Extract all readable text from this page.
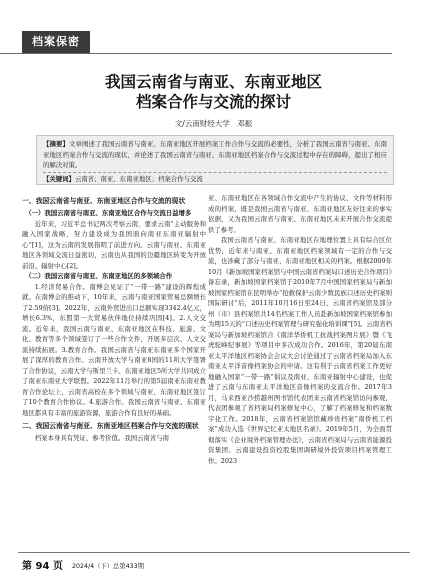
档案保密
我国云南省与南亚、东南亚地区
档案合作与交流的探讨
文/云南财经大学　邓振
【摘要】文章阐述了我国云南省与南亚、东南亚地区开展档案工作合作与交流的必要性，分析了我国云南省与南亚、东南亚地区档案合作与交流的现状，并论述了我国云南省与南亚、东南亚地区档案合作与交流过程中存在的障碍，提出了相应的解决对策。
【关键词】云南省；南亚、东南亚地区；档案合作与交流
一、我国云南省与南亚、东南亚地区合作与交流的现状
（一）我国云南省与南亚、东南亚地区合作与交流日益增多

近年来，习近平总书记两次考察云南，要求云南“主动服务和融入国家战略，努力建设成为我国面向南亚东南亚辐射中心”[1]，这为云南的发展指明了前进方向。云南与南亚、东南亚地区各领域交流日益密切，云南也从我国的边疆地区转变为开放前沿、辐射中心[2]。

（二）我国云南省与南亚、东南亚地区的多领域合作

1.经济贸易合作。南博会见证了“一带一路”建设的辉煌成就。在南博会的推动下，10年来，云南与南亚国家贸易总额增长了2.59倍[3]。2022年，云南外贸进出口总额实现3342.4亿元，增长6.3%，东盟第一大贸易伙伴地位持续巩固[4]。2.人文交流。近年来，我国云南与南亚、东南亚地区在科技、旅游、文化、教育等多个领域签订了一些合作文件，开展多层次、人文交流持续拓展。3.教育合作。我国云南省与南亚东南亚多个国家开展了深厚的教育合作。云南开放大学与南亚8国的11所大学签署了合作协议，云南大学与斯里兰卡、东南亚地区5所大学共同成立了南亚东南亚大学联盟。2022年11月举行的第5届南亚东南亚教育合作论坛上，云南省高校在多个领域与南亚、东南亚地区签订了10个教育合作协议。4.旅游合作。我国云南省与南亚、东南亚地区都具有丰富的旅游资源，旅游合作有良好的基础。

二、我国云南省与南亚、东南亚地区档案合作与交流的现状

档案本身具有凭证、参考价值。我国云南省与南

亚、东南亚地区在各领域合作交流中产生的协议、文件等材料形成的档案，既是我国云南省与南亚、东南亚地区友好往来的事实依据，又为我国云南省与南亚、东南亚地区未来开展合作交流提供了参考。

我国云南省与南亚、东南亚地区在地理位置上具有综合区位优势，近年来与南亚、东南亚地区档案领域有一定的合作与交流，也涉藏了部分与南亚、东南亚地区相关的档案。根据2009年10月《新加坡国家档案馆与中国云南省档案局口述历史合作项目》备忘录，新加坡国家档案馆于2010年7月中国国家档案局与新加坡国家档案馆在昆明举办“抢救保护云南少数民族口述历史档案则国际研讨”后，2011年10月16日至24日，云南省档案馆及部分州（市）县档案馆共14名档案工作人员赴新加坡国家档案馆参加为期15天的“口述历史档案管理与研究强化培训课”[5]。云南省档案局与新加坡档案馆合《南洋华侨机工抗战档案图片展》暨《飞虎驼峰纪事展》等项目中多次成功合作。2016年，第20届东南亚太平洋地区档案协会会议大会讨论通过了云南省档案局加入东南亚太平洋音像档案协会的申请。这有利于云南省档案工作更好地融入国家“一带一路”倡议及南亚、东南亚辐射中心建设，也促进了云南与东南亚太平洋地区音像档案的交流合作。2017年3月，马来西亚沙捞越州图书馆代表团来云南省档案馆访问参观，代表团参观了省档案局档案修复中心，了解了档案修复和档案数字化工作。2018年，云南省档案馆馆藏珍贵档案“南侨机工档案”成功入选《世界记忆亚太地区名录》。2019年5月，为全面贯彻落实《企业境外档案管理办法》，云南省档案局与云南省能源投资集团、云南建设投资控股集团调研境外投资项目档案管理工作。2023

第 94 页 2024/4（下）总第433期
